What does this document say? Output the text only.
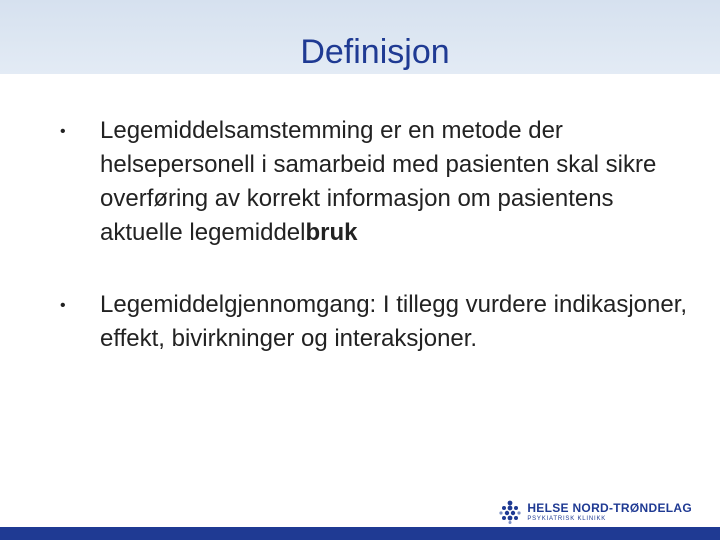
Definisjon
•	Legemiddelsamstemming er en metode der helsepersonell i samarbeid med pasienten skal sikre overføring av korrekt informasjon om pasientens aktuelle legemiddelbruk
•	Legemiddelgjennomgang: I tillegg vurdere indikasjoner, effekt, bivirkninger og interaksjoner.
HELSE NORD-TRØNDELAG
PSYKIATRISK KLINIKK
